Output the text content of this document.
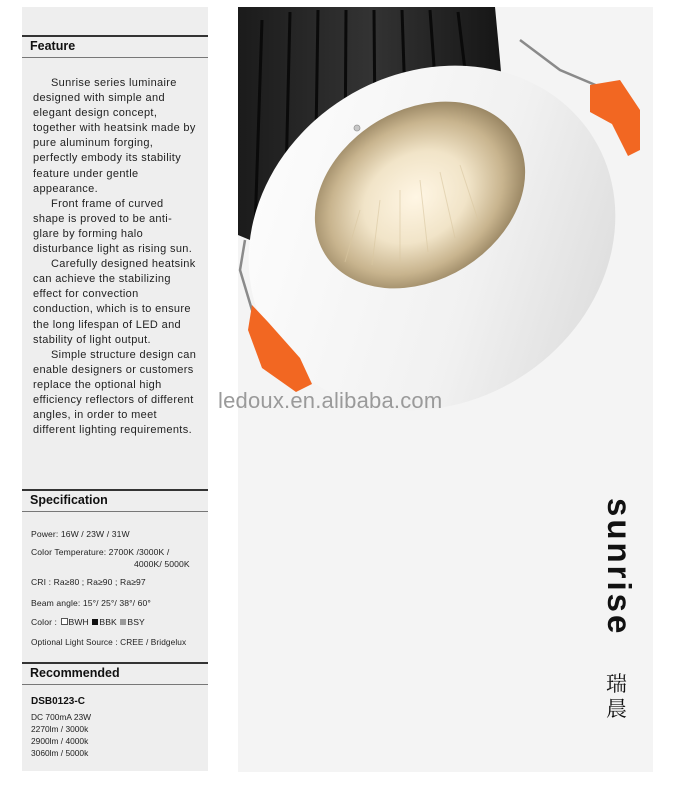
Feature

Sunrise series luminaire designed with simple and elegant design concept, together with heatsink made by pure aluminum forging, perfectly embody its stability feature under gentle appearance.

Front frame of curved shape is proved to be anti-glare by forming halo disturbance light as rising sun.

Carefully designed heatsink can achieve the stabilizing effect for convection conduction, which is to ensure the long lifespan of LED and stability of light output.

Simple structure design can enable designers or customers replace the optional high efficiency reflectors of different angles, in order to meet different lighting requirements.

Specification
Power: 16W / 23W / 31W
Color Temperature: 2700K /3000K /
4000K/ 5000K
CRI : Ra≥80 ; Ra≥90 ; Ra≥97
Beam angle: 15°/ 25°/ 38°/ 60°
Color : BWH BBK BSY
Optional Light Source : CREE / Bridgelux
Recommended
DSB0123-C
DC 700mA 23W
2270lm / 3000k
2900lm / 4000k
3060lm / 5000k
ledoux.en.alibaba.com
sunrise
瑞
晨
